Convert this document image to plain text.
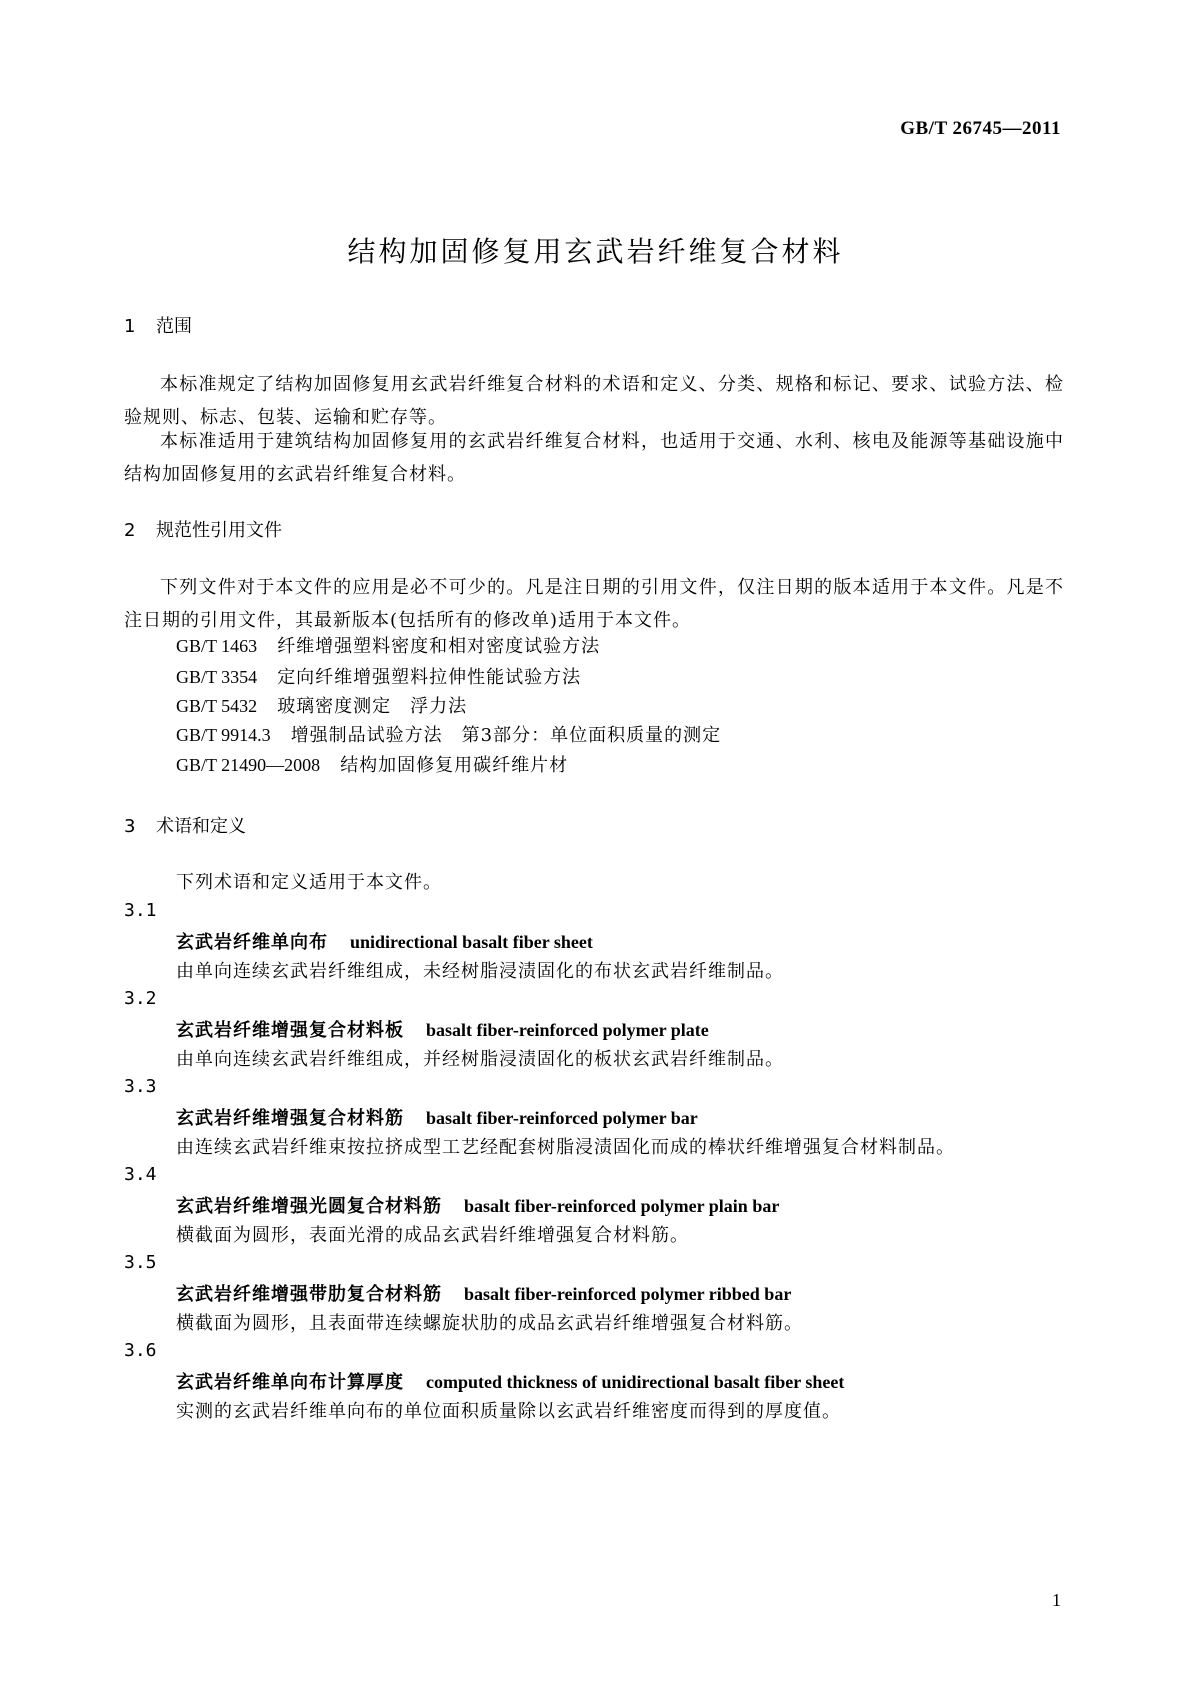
GB/T 26745—2011
结构加固修复用玄武岩纤维复合材料
1 范围
本标准规定了结构加固修复用玄武岩纤维复合材料的术语和定义、分类、规格和标记、要求、试验方法、检验规则、标志、包装、运输和贮存等。
本标准适用于建筑结构加固修复用的玄武岩纤维复合材料，也适用于交通、水利、核电及能源等基础设施中结构加固修复用的玄武岩纤维复合材料。
2 规范性引用文件
下列文件对于本文件的应用是必不可少的。凡是注日期的引用文件，仅注日期的版本适用于本文件。凡是不注日期的引用文件，其最新版本(包括所有的修改单)适用于本文件。
GB/T 1463 纤维增强塑料密度和相对密度试验方法
GB/T 3354 定向纤维增强塑料拉伸性能试验方法
GB/T 5432 玻璃密度测定　浮力法
GB/T 9914.3 增强制品试验方法　第3部分：单位面积质量的测定
GB/T 21490—2008 结构加固修复用碳纤维片材
3 术语和定义
下列术语和定义适用于本文件。
3.1
玄武岩纤维单向布 unidirectional basalt fiber sheet
由单向连续玄武岩纤维组成，未经树脂浸渍固化的布状玄武岩纤维制品。
3.2
玄武岩纤维增强复合材料板 basalt fiber-reinforced polymer plate
由单向连续玄武岩纤维组成，并经树脂浸渍固化的板状玄武岩纤维制品。
3.3
玄武岩纤维增强复合材料筋 basalt fiber-reinforced polymer bar
由连续玄武岩纤维束按拉挤成型工艺经配套树脂浸渍固化而成的棒状纤维增强复合材料制品。
3.4
玄武岩纤维增强光圆复合材料筋 basalt fiber-reinforced polymer plain bar
横截面为圆形，表面光滑的成品玄武岩纤维增强复合材料筋。
3.5
玄武岩纤维增强带肋复合材料筋 basalt fiber-reinforced polymer ribbed bar
横截面为圆形，且表面带连续螺旋状肋的成品玄武岩纤维增强复合材料筋。
3.6
玄武岩纤维单向布计算厚度 computed thickness of unidirectional basalt fiber sheet
实测的玄武岩纤维单向布的单位面积质量除以玄武岩纤维密度而得到的厚度值。
1
